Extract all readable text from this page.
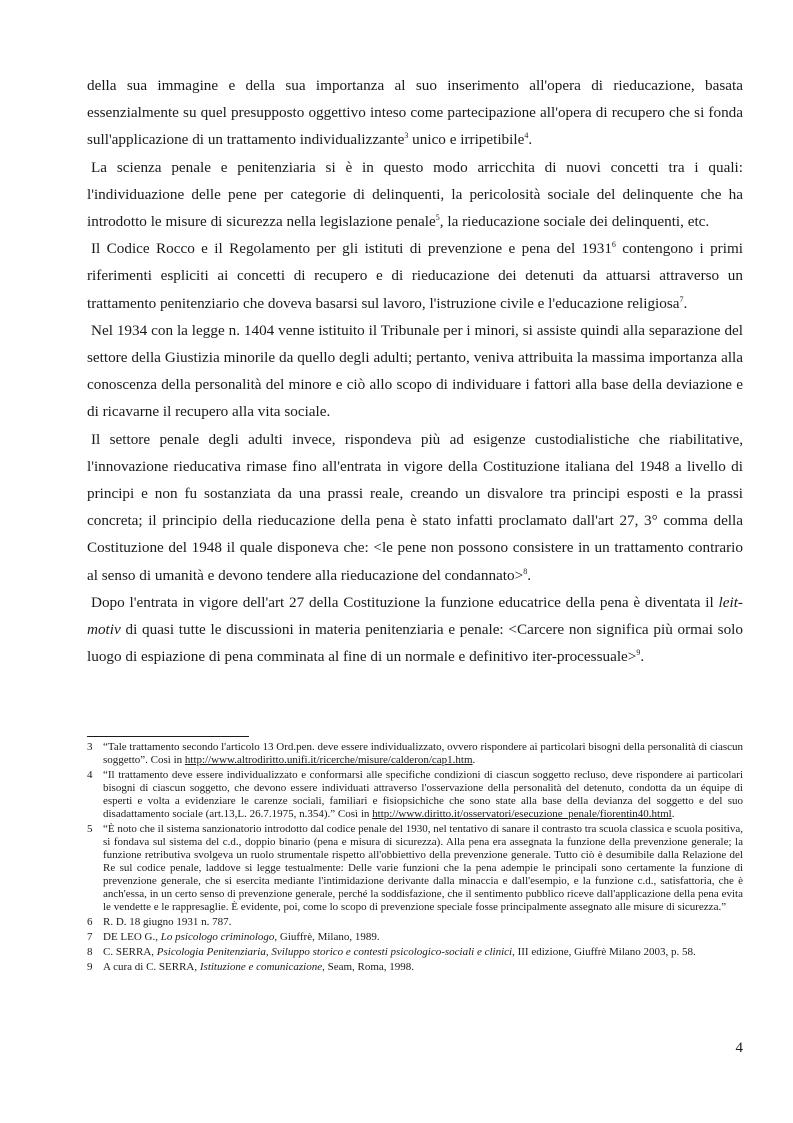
della sua immagine e della sua importanza al suo inserimento all'opera di rieducazione, basata essenzialmente su quel presupposto oggettivo inteso come partecipazione all'opera di recupero che si fonda sull'applicazione di un trattamento individualizzante$^3$ unico e irripetibile$^4$.

La scienza penale e penitenziaria si è in questo modo arricchita di nuovi concetti tra i quali: l'individuazione delle pene per categorie di delinquenti, la pericolosità sociale del delinquente che ha introdotto le misure di sicurezza nella legislazione penale$^5$, la rieducazione sociale dei delinquenti, etc.

Il Codice Rocco e il Regolamento per gli istituti di prevenzione e pena del 1931$^6$ contengono i primi riferimenti espliciti ai concetti di recupero e di rieducazione dei detenuti da attuarsi attraverso un trattamento penitenziario che doveva basarsi sul lavoro, l'istruzione civile e l'educazione religiosa$^7$.

Nel 1934 con la legge n. 1404 venne istituito il Tribunale per i minori, si assiste quindi alla separazione del settore della Giustizia minorile da quello degli adulti; pertanto, veniva attribuita la massima importanza alla conoscenza della personalità del minore e ciò allo scopo di individuare i fattori alla base della deviazione e di ricavarne il recupero alla vita sociale.

Il settore penale degli adulti invece, rispondeva più ad esigenze custodialistiche che riabilitative, l'innovazione rieducativa rimase fino all'entrata in vigore della Costituzione italiana del 1948 a livello di principi e non fu sostanziata da una prassi reale, creando un disvalore tra principi esposti e la prassi concreta; il principio della rieducazione della pena è stato infatti proclamato dall'art 27, 3° comma della Costituzione del 1948 il quale disponeva che: <le pene non possono consistere in un trattamento contrario al senso di umanità e devono tendere alla rieducazione del condannato>$^8$.

Dopo l'entrata in vigore dell'art 27 della Costituzione la funzione educatrice della pena è diventata il leit-motiv di quasi tutte le discussioni in materia penitenziaria e penale: <Carcere non significa più ormai solo luogo di espiazione di pena comminata al fine di un normale e definitivo iter-processuale>$^9$.

3 “Tale trattamento secondo l'articolo 13 Ord.pen. deve essere individualizzato, ovvero rispondere ai particolari bisogni della personalità di ciascun soggetto”. Così in http://www.altrodiritto.unifi.it/ricerche/misure/calderon/cap1.htm.
4 “Il trattamento deve essere individualizzato e conformarsi alle specifiche condizioni di ciascun soggetto recluso, deve rispondere ai particolari bisogni di ciascun soggetto, che devono essere individuati attraverso l'osservazione della personalità del detenuto, condotta da un équipe di esperti e volta a evidenziare le carenze sociali, familiari e fisiopsichiche che sono state alla base della devianza del soggetto e del suo disadattamento sociale (art.13,L. 26.7.1975, n.354).” Così in http://www.diritto.it/osservatori/esecuzione_penale/fiorentin40.html.
5 “È noto che il sistema sanzionatorio introdotto dal codice penale del 1930, nel tentativo di sanare il contrasto tra scuola classica e scuola positiva, si fondava sul sistema del c.d., doppio binario (pena e misura di sicurezza). Alla pena era assegnata la funzione della prevenzione generale; la funzione retributiva svolgeva un ruolo strumentale rispetto all'obbiettivo della prevenzione generale. Tutto ciò è desumibile dalla Relazione del Re sul codice penale, laddove si legge testualmente: Delle varie funzioni che la pena adempie le principali sono certamente la funzione di prevenzione generale, che si esercita mediante l'intimidazione derivante dalla minaccia e dall'esempio, e la funzione c.d., satisfattoria, che è anch'essa, in un certo senso di prevenzione generale, perché la soddisfazione, che il sentimento pubblico riceve dall'applicazione della pena evita le vendette e le rappresaglie. È evidente, poi, come lo scopo di prevenzione speciale fosse principalmente assegnato alle misure di sicurezza.”
6 R. D. 18 giugno 1931 n. 787.
7 DE LEO G., Lo psicologo criminologo, Giuffrè, Milano, 1989.
8 C. SERRA, Psicologia Penitenziaria, Sviluppo storico e contesti psicologico-sociali e clinici, III edizione, Giuffrè Milano 2003, p. 58.
9 A cura di C. SERRA, Istituzione e comunicazione, Seam, Roma, 1998.
4
